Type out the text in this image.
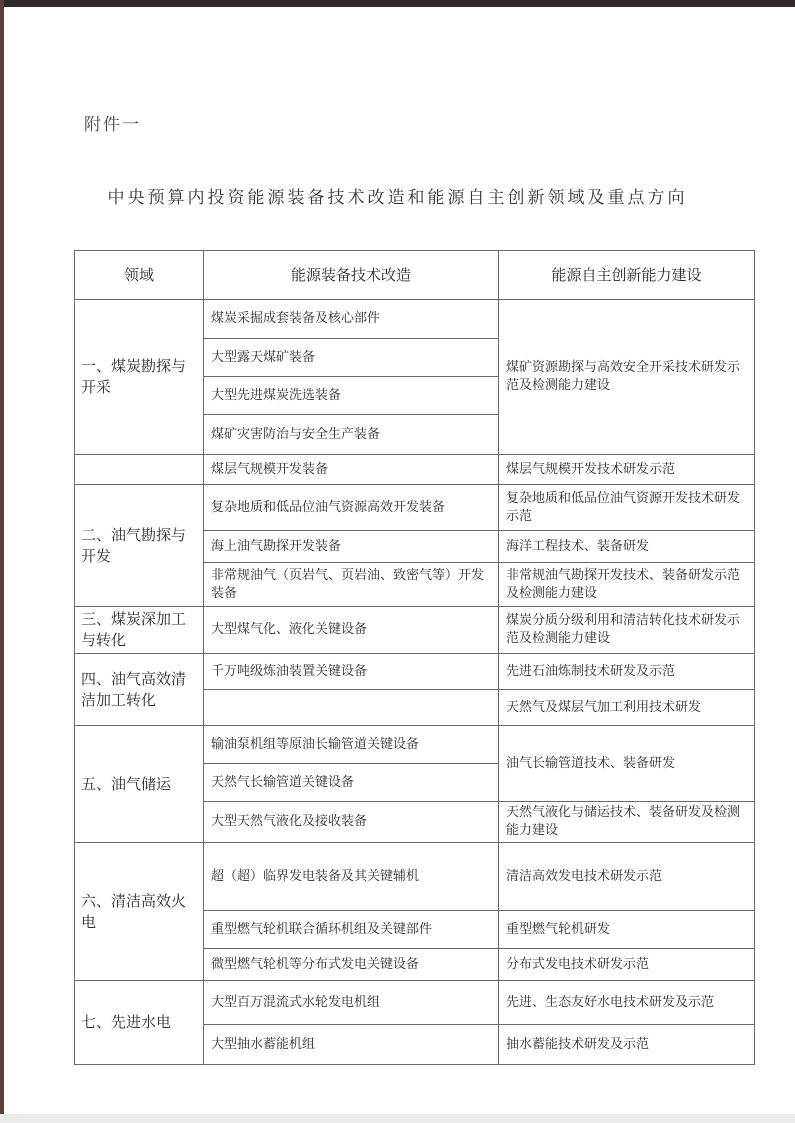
附件一
中央预算内投资能源装备技术改造和能源自主创新领域及重点方向
领域	能源装备技术改造	能源自主创新能力建设
一、煤炭勘探与开采	煤炭采掘成套装备及核心部件	煤矿资源勘探与高效安全开采技术研发示范及检测能力建设
	大型露天煤矿装备	
	大型先进煤炭洗选装备	
	煤矿灾害防治与安全生产装备	
	煤层气规模开发装备	煤层气规模开发技术研发示范
二、油气勘探与开发	复杂地质和低品位油气资源高效开发装备	复杂地质和低品位油气资源开发技术研发示范
	海上油气勘探开发装备	海洋工程技术、装备研发
	非常规油气（页岩气、页岩油、致密气等）开发装备	非常规油气勘探开发技术、装备研发示范及检测能力建设
三、煤炭深加工与转化	大型煤气化、液化关键设备	煤炭分质分级利用和清洁转化技术研发示范及检测能力建设
四、油气高效清洁加工转化	千万吨级炼油装置关键设备	先进石油炼制技术研发及示范
		天然气及煤层气加工利用技术研发
五、油气储运	输油泵机组等原油长输管道关键设备	油气长输管道技术、装备研发
	天然气长输管道关键设备	
	大型天然气液化及接收装备	天然气液化与储运技术、装备研发及检测能力建设
六、清洁高效火电	超（超）临界发电装备及其关键辅机	清洁高效发电技术研发示范
	重型燃气轮机联合循环机组及关键部件	重型燃气轮机研发
	微型燃气轮机等分布式发电关键设备	分布式发电技术研发示范
七、先进水电	大型百万混流式水轮发电机组	先进、生态友好水电技术研发及示范
	大型抽水蓄能机组	抽水蓄能技术研发及示范
